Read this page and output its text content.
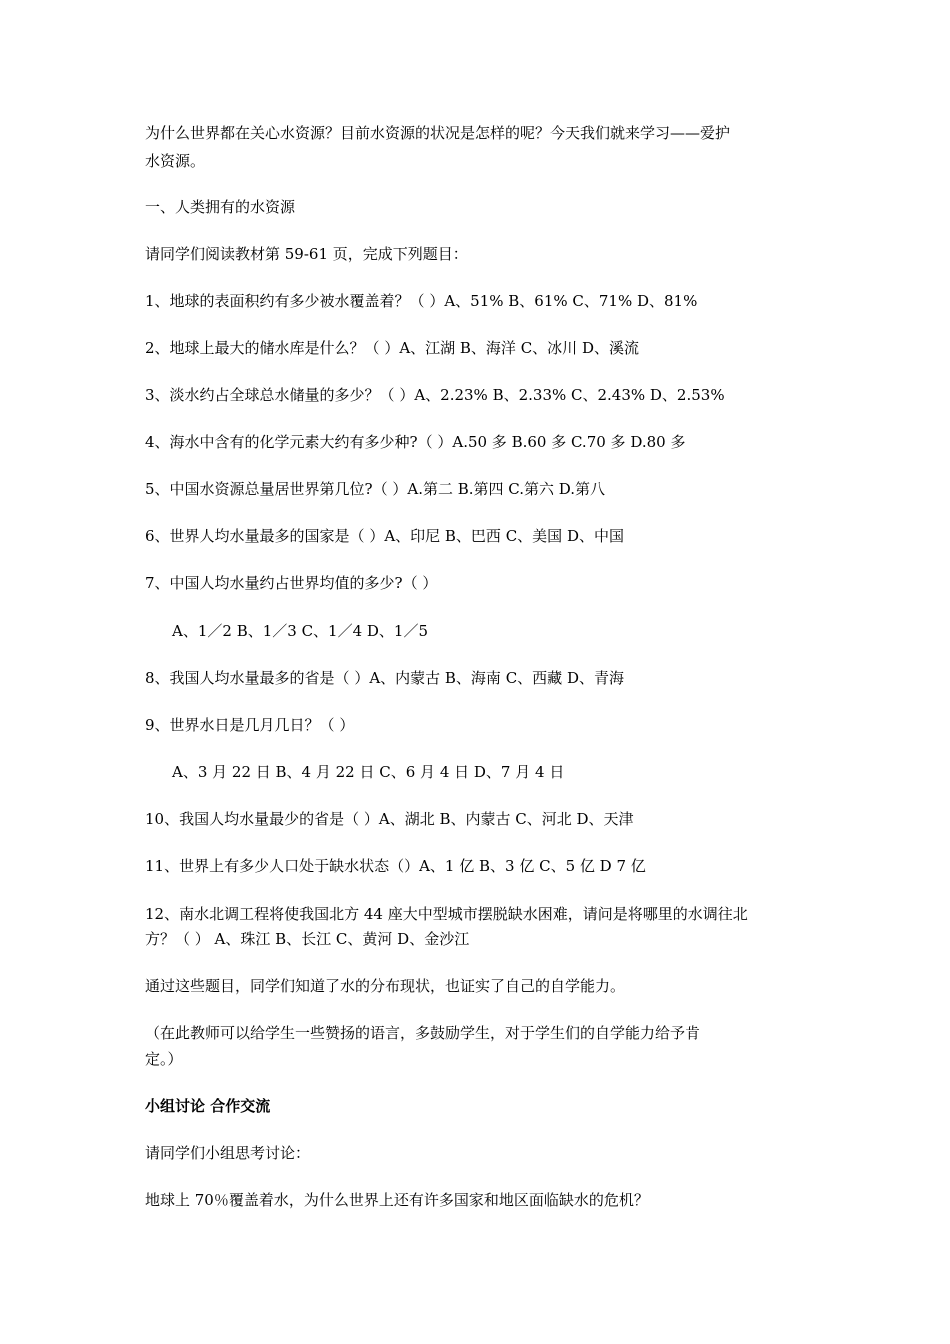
为什么世界都在关心水资源？目前水资源的状况是怎样的呢？今天我们就来学习——爱护
水资源。
一、人类拥有的水资源
请同学们阅读教材第 59-61 页，完成下列题目：
1、地球的表面积约有多少被水覆盖着？（ ）A、51% B、61% C、71% D、81%
2、地球上最大的储水库是什么？（ ）A、江湖 B、海洋 C、冰川 D、溪流
3、淡水约占全球总水储量的多少？（ ）A、2.23% B、2.33% C、2.43% D、2.53%
4、海水中含有的化学元素大约有多少种?（ ）A.50 多 B.60 多 C.70 多 D.80 多
5、中国水资源总量居世界第几位?（ ）A.第二 B.第四 C.第六 D.第八
6、世界人均水量最多的国家是（ ）A、印尼 B、巴西 C、美国 D、中国
7、中国人均水量约占世界均值的多少?（ ）
A、1／2 B、1／3 C、1／4 D、1／5
8、我国人均水量最多的省是（ ）A、内蒙古 B、海南 C、西藏 D、青海
9、世界水日是几月几日？（ ）
A、3 月 22 日 B、4 月 22 日 C、6 月 4 日 D、7 月 4 日
10、我国人均水量最少的省是（ ）A、湖北 B、内蒙古 C、河北 D、天津
11、世界上有多少人口处于缺水状态（）A、1 亿 B、3 亿 C、5 亿 D 7 亿
12、南水北调工程将使我国北方 44 座大中型城市摆脱缺水困难，请问是将哪里的水调往北
方？（ ） A、珠江 B、长江 C、黄河 D、金沙江
通过这些题目，同学们知道了水的分布现状，也证实了自己的自学能力。
（在此教师可以给学生一些赞扬的语言，多鼓励学生，对于学生们的自学能力给予肯
定。）
小组讨论 合作交流
请同学们小组思考讨论：
地球上 70％覆盖着水，为什么世界上还有许多国家和地区面临缺水的危机？
